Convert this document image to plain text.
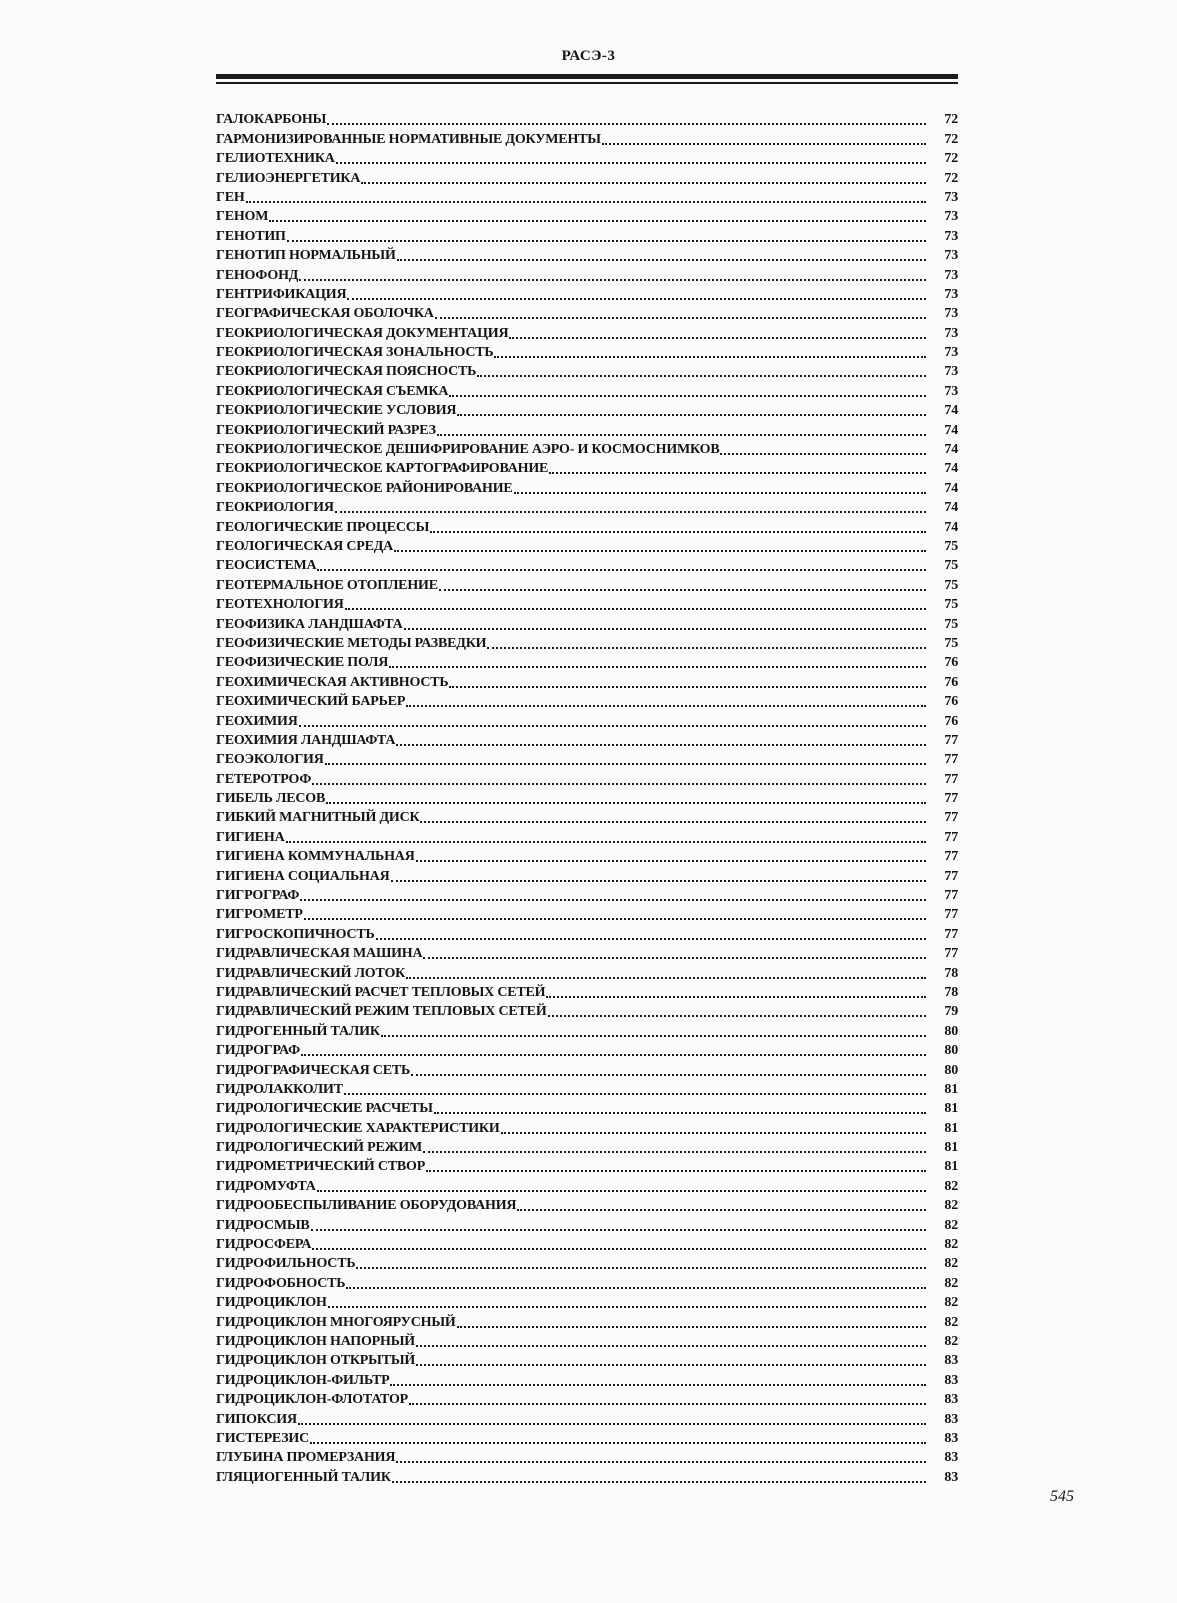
РАСЭ-3
ГАЛОКАРБОНЫ	72
ГАРМОНИЗИРОВАННЫЕ НОРМАТИВНЫЕ ДОКУМЕНТЫ	72
ГЕЛИОТЕХНИКА	72
ГЕЛИОЭНЕРГЕТИКА	72
ГЕН	73
ГЕНОМ	73
ГЕНОТИП	73
ГЕНОТИП НОРМАЛЬНЫЙ	73
ГЕНОФОНД	73
ГЕНТРИФИКАЦИЯ	73
ГЕОГРАФИЧЕСКАЯ ОБОЛОЧКА	73
ГЕОКРИОЛОГИЧЕСКАЯ ДОКУМЕНТАЦИЯ	73
ГЕОКРИОЛОГИЧЕСКАЯ ЗОНАЛЬНОСТЬ	73
ГЕОКРИОЛОГИЧЕСКАЯ ПОЯСНОСТЬ	73
ГЕОКРИОЛОГИЧЕСКАЯ СЪЕМКА	73
ГЕОКРИОЛОГИЧЕСКИЕ УСЛОВИЯ	74
ГЕОКРИОЛОГИЧЕСКИЙ РАЗРЕЗ	74
ГЕОКРИОЛОГИЧЕСКОЕ ДЕШИФРИРОВАНИЕ АЭРО- И КОСМОСНИМКОВ	74
ГЕОКРИОЛОГИЧЕСКОЕ КАРТОГРАФИРОВАНИЕ	74
ГЕОКРИОЛОГИЧЕСКОЕ РАЙОНИРОВАНИЕ	74
ГЕОКРИОЛОГИЯ	74
ГЕОЛОГИЧЕСКИЕ ПРОЦЕССЫ	74
ГЕОЛОГИЧЕСКАЯ СРЕДА	75
ГЕОСИСТЕМА	75
ГЕОТЕРМАЛЬНОЕ ОТОПЛЕНИЕ	75
ГЕОТЕХНОЛОГИЯ	75
ГЕОФИЗИКА ЛАНДШАФТА	75
ГЕОФИЗИЧЕСКИЕ МЕТОДЫ РАЗВЕДКИ	75
ГЕОФИЗИЧЕСКИЕ ПОЛЯ	76
ГЕОХИМИЧЕСКАЯ АКТИВНОСТЬ	76
ГЕОХИМИЧЕСКИЙ БАРЬЕР	76
ГЕОХИМИЯ	76
ГЕОХИМИЯ ЛАНДШАФТА	77
ГЕОЭКОЛОГИЯ	77
ГЕТЕРОТРОФ	77
ГИБЕЛЬ ЛЕСОВ	77
ГИБКИЙ МАГНИТНЫЙ ДИСК	77
ГИГИЕНА	77
ГИГИЕНА КОММУНАЛЬНАЯ	77
ГИГИЕНА СОЦИАЛЬНАЯ	77
ГИГРОГРАФ	77
ГИГРОМЕТР	77
ГИГРОСКОПИЧНОСТЬ	77
ГИДРАВЛИЧЕСКАЯ МАШИНА	77
ГИДРАВЛИЧЕСКИЙ ЛОТОК	78
ГИДРАВЛИЧЕСКИЙ РАСЧЕТ ТЕПЛОВЫХ СЕТЕЙ	78
ГИДРАВЛИЧЕСКИЙ РЕЖИМ ТЕПЛОВЫХ СЕТЕЙ	79
ГИДРОГЕННЫЙ ТАЛИК	80
ГИДРОГРАФ	80
ГИДРОГРАФИЧЕСКАЯ СЕТЬ	80
ГИДРОЛАККОЛИТ	81
ГИДРОЛОГИЧЕСКИЕ РАСЧЕТЫ	81
ГИДРОЛОГИЧЕСКИЕ ХАРАКТЕРИСТИКИ	81
ГИДРОЛОГИЧЕСКИЙ РЕЖИМ	81
ГИДРОМЕТРИЧЕСКИЙ СТВОР	81
ГИДРОМУФТА	82
ГИДРООБЕСПЫЛИВАНИЕ ОБОРУДОВАНИЯ	82
ГИДРОСМЫВ	82
ГИДРОСФЕРА	82
ГИДРОФИЛЬНОСТЬ	82
ГИДРОФОБНОСТЬ	82
ГИДРОЦИКЛОН	82
ГИДРОЦИКЛОН МНОГОЯРУСНЫЙ	82
ГИДРОЦИКЛОН НАПОРНЫЙ	82
ГИДРОЦИКЛОН ОТКРЫТЫЙ	83
ГИДРОЦИКЛОН-ФИЛЬТР	83
ГИДРОЦИКЛОН-ФЛОТАТОР	83
ГИПОКСИЯ	83
ГИСТЕРЕЗИС	83
ГЛУБИНА ПРОМЕРЗАНИЯ	83
ГЛЯЦИОГЕННЫЙ ТАЛИК	83
545
